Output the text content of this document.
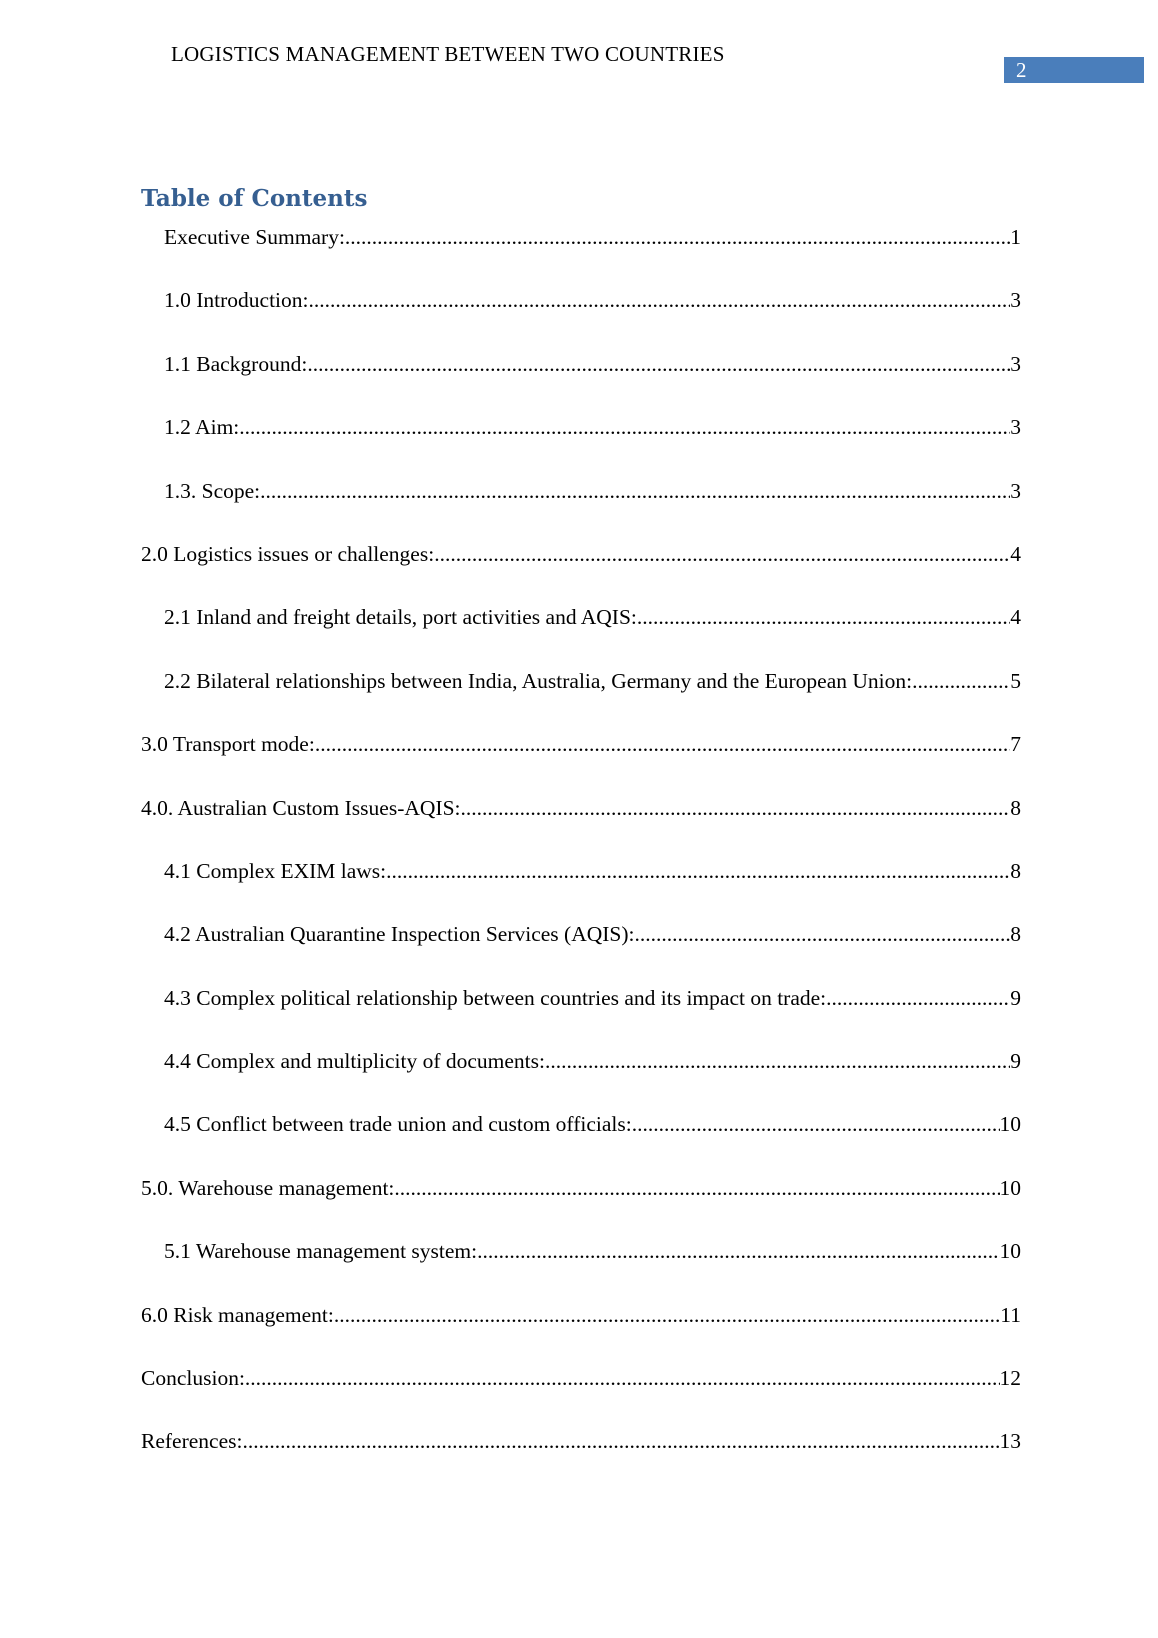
LOGISTICS MANAGEMENT BETWEEN TWO COUNTRIES
2
Table of Contents
Executive Summary: .....	1
1.0 Introduction: .....	3
1.1 Background: .....	3
1.2 Aim: .....	3
1.3. Scope: .....	3
2.0 Logistics issues or challenges: .....	4
2.1 Inland and freight details, port activities and AQIS: .....	4
2.2 Bilateral relationships between India, Australia, Germany and the European Union: .....	5
3.0 Transport mode: .....	7
4.0. Australian Custom Issues-AQIS: .....	8
4.1 Complex EXIM laws: .....	8
4.2 Australian Quarantine Inspection Services (AQIS): .....	8
4.3 Complex political relationship between countries and its impact on trade: .....	9
4.4 Complex and multiplicity of documents: .....	9
4.5 Conflict between trade union and custom officials: .....	10
5.0. Warehouse management: .....	10
5.1 Warehouse management system: .....	10
6.0 Risk management: .....	11
Conclusion: .....	12
References: .....	13
